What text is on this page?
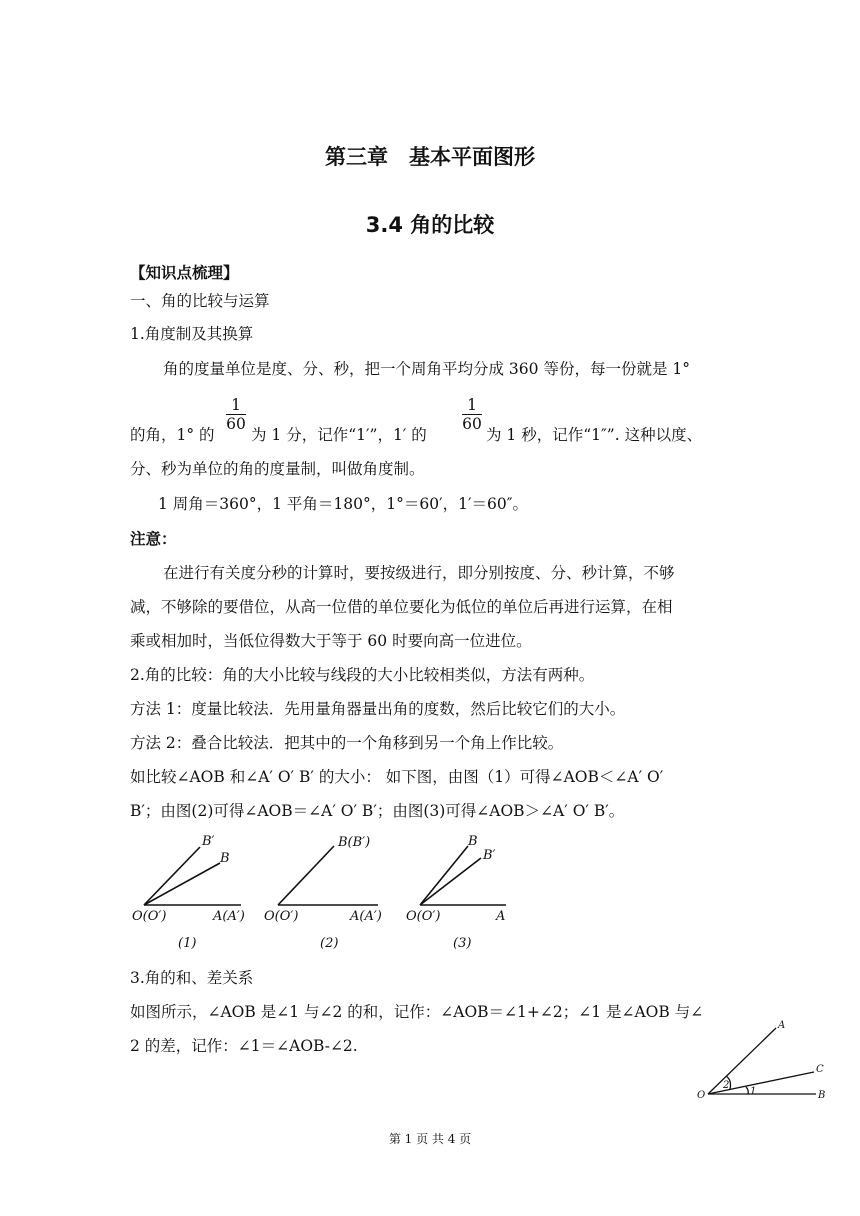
第三章　基本平面图形
3.4 角的比较
【知识点梳理】
一、角的比较与运算
1.角度制及其换算
角的度量单位是度、分、秒，把一个周角平均分成 360 等份，每一份就是 1°
1
60
1
60
的角，1° 的 为 1 分，记作“1′”，1′ 的	为 1 秒，记作“1″”. 这种以度、
分、秒为单位的角的度量制，叫做角度制。
1 周角＝360°，1 平角＝180°，1°＝60′，1′＝60″。
注意：
在进行有关度分秒的计算时，要按级进行，即分别按度、分、秒计算，不够
减，不够除的要借位，从高一位借的单位要化为低位的单位后再进行运算，在相
乘或相加时，当低位得数大于等于 60 时要向高一位进位。
2.角的比较：角的大小比较与线段的大小比较相类似，方法有两种。
方法 1：度量比较法．先用量角器量出角的度数，然后比较它们的大小。
方法 2：叠合比较法．把其中的一个角移到另一个角上作比较。
如比较∠AOB 和∠A′ O′ B′ 的大小： 如下图，由图（1）可得∠AOB＜∠A′ O′
B′；由图(2)可得∠AOB＝∠A′ O′ B′；由图(3)可得∠AOB＞∠A′ O′ B′。
B′
B
O(O′)	A(A′)
(1)
B(B′)
O(O′)	A(A′)
(2)
B
B′
O(O′)	A
(3)
3.角的和、差关系
如图所示，∠AOB 是∠1 与∠2 的和，记作：∠AOB＝∠1+∠2；∠1 是∠AOB 与∠
2 的差，记作：∠1＝∠AOB-∠2.
O
A
C
B
2
1
第 1 页 共 4 页
